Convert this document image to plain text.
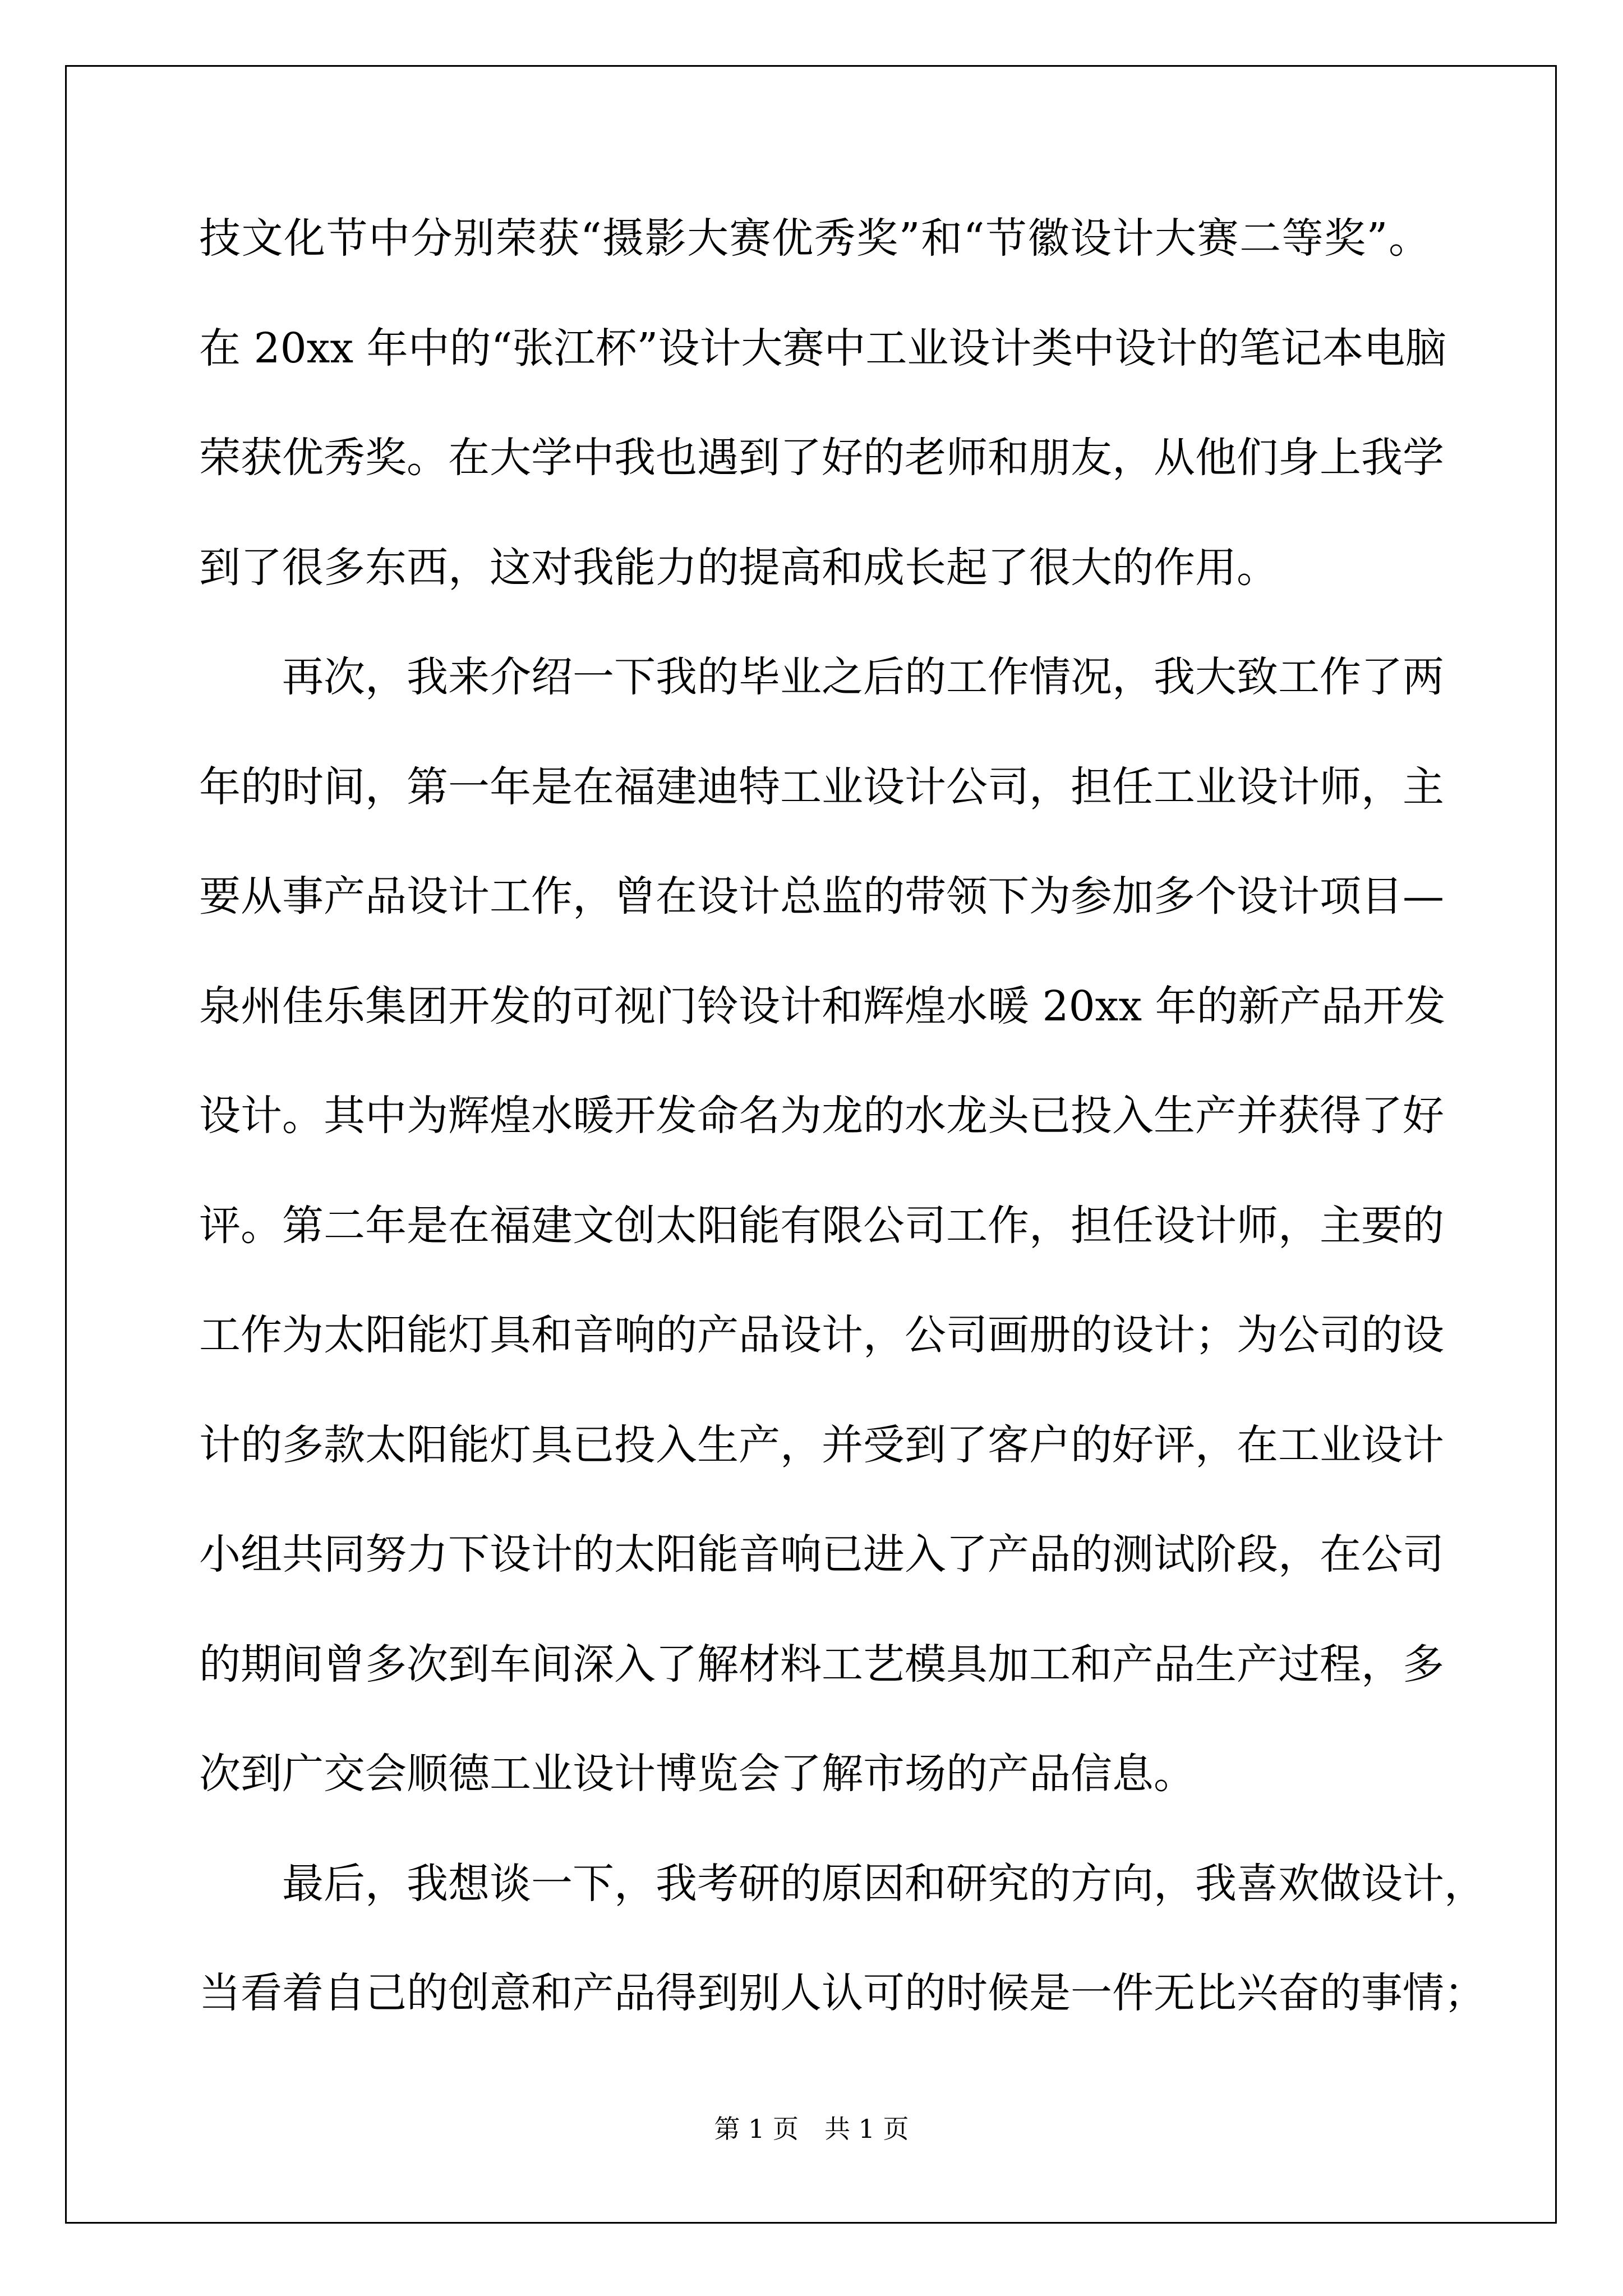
技文化节中分别荣获“摄影大赛优秀奖”和“节徽设计大赛二等奖”。
在 20xx 年中的“张江杯”设计大赛中工业设计类中设计的笔记本电脑
荣获优秀奖。在大学中我也遇到了好的老师和朋友，从他们身上我学
到了很多东西，这对我能力的提高和成长起了很大的作用。
再次，我来介绍一下我的毕业之后的工作情况，我大致工作了两
年的时间，第一年是在福建迪特工业设计公司，担任工业设计师，主
要从事产品设计工作，曾在设计总监的带领下为参加多个设计项目—
泉州佳乐集团开发的可视门铃设计和辉煌水暖 20xx 年的新产品开发
设计。其中为辉煌水暖开发命名为龙的水龙头已投入生产并获得了好
评。第二年是在福建文创太阳能有限公司工作，担任设计师，主要的
工作为太阳能灯具和音响的产品设计，公司画册的设计；为公司的设
计的多款太阳能灯具已投入生产，并受到了客户的好评，在工业设计
小组共同努力下设计的太阳能音响已进入了产品的测试阶段，在公司
的期间曾多次到车间深入了解材料工艺模具加工和产品生产过程，多
次到广交会顺德工业设计博览会了解市场的产品信息。
最后，我想谈一下，我考研的原因和研究的方向，我喜欢做设计，
当看着自己的创意和产品得到别人认可的时候是一件无比兴奋的事情；
第 1 页　共 1 页
